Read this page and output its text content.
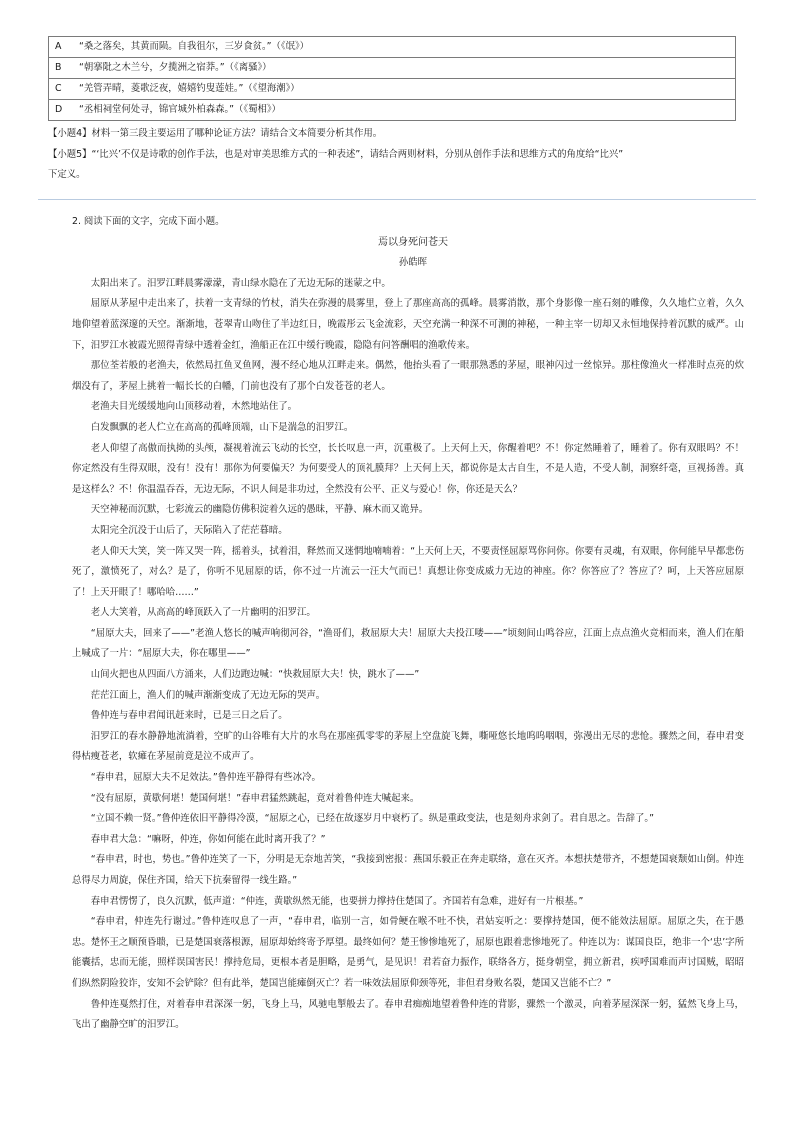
A “桑之落矣，其黄而陨。自我徂尔，三岁食贫。”（《氓》）
B “朝搴阰之木兰兮，夕揽洲之宿莽。”（《离骚》）
C “羌管弄晴，菱歌泛夜，嬉嬉钓叟莲娃。”（《望海潮》）
D “丞相祠堂何处寻，锦官城外柏森森。”（《蜀相》）

【小题4】材料一第三段主要运用了哪种论证方法？请结合文本简要分析其作用。

【小题5】“‘比兴’不仅是诗歌的创作手法，也是对审美思维方式的一种表述”，请结合两则材料，分别从创作手法和思维方式的角度给“比兴”

下定义。

2. 阅读下面的文字，完成下面小题。

焉以身死问苍天

孙皓晖

太阳出来了。汨罗江畔晨雾濛濛，青山绿水隐在了无边无际的迷蒙之中。

屈原从茅屋中走出来了，扶着一支青绿的竹杖，消失在弥漫的晨雾里，登上了那座高高的孤峰。晨雾消散，那个身影像一座石刻的雕像，久久地伫立着，久久地仰望着蓝深邃的天空。渐渐地，苍翠青山吻住了半边红日，晚霞彤云飞金流彩，天空充满一种深不可测的神秘，一种主宰一切却又永恒地保持着沉默的威严。山下，汨罗江水被霞光照得青绿中透着金红，渔船正在江中缓行晚霞，隐隐有问答酬唱的渔歌传来。

那位荃若般的老渔夫，依然局扛鱼叉鱼网，漫不经心地从江畔走来。偶然，他抬头看了一眼那熟悉的茅屋，眼神闪过一丝惊异。那柱像渔火一样准时点亮的炊烟没有了，茅屋上挑着一幅长长的白幡，门前也没有了那个白发苍苍的老人。

老渔夫目光缓缓地向山顶移动着，木然地站住了。

白发飘飘的老人伫立在高高的孤峰顶端，山下是湍急的汨罗江。

老人仰望了高傲而执拗的头颅，凝视着流云飞动的长空，长长叹息一声，沉重极了。上天何上天，你醒着吧？不！你定然睡着了，睡着了。你有双眼吗？不！你定然没有生得双眼，没有！没有！那你为何要偏天？为何要受人的顶礼膜拜？上天何上天，都说你是太古自生，不是人造，不受人制，洞察纤毫，亘视扬善。真是这样么？不！你温温吞吞，无边无际，不识人间是非功过，全然没有公平、正义与爱心！你，你还是天么？

天空神秘而沉默，七彩流云的幽隐仿佛积淀着久远的愚昧，平静、麻木而又诡异。

太阳完全沉没于山后了，天际陷入了茫茫暮暗。

老人仰天大笑，笑一阵又哭一阵，摇着头，拭着泪，释然而又迷惘地喃喃着：“上天何上天，不要责怪屈原骂你问你。你要有灵魂，有双眼，你何能早早都悲伤死了，激愤死了，对么？是了，你听不见屈原的话，你不过一片流云一汪大气而已！真想让你变成威力无边的神座。你？你答应了？答应了？呵，上天答应屈原了！上天开眼了！哪哈哈……”

老人大笑着，从高高的峰顶跃入了一片幽明的汨罗江。

“屈原大夫，回来了——”老渔人悠长的喊声响彻河谷，“渔哥们，救屈原大夫！屈原大夫投江喽——”顷刻间山鸣谷应，江面上点点渔火竞相而来，渔人们在船上喊成了一片：“屈原大夫，你在哪里——”

山间火把也从四面八方涌来，人们边跑边喊：“快救屈原大夫！快，跳水了——”

茫茫江面上，渔人们的喊声渐渐变成了无边无际的哭声。

鲁仲连与春申君闻讯赶来时，已是三日之后了。

汨罗江的春水静静地流淌着，空旷的山谷唯有大片的水鸟在那座孤零零的茅屋上空盘旋飞舞，嘶哑悠长地呜呜咽咽，弥漫出无尽的悲怆。骤然之间，春申君变得枯瘦苍老，软瘫在茅屋前竟是泣不成声了。

“春申君，屈原大夫不足效法。”鲁仲连平静得有些冰冷。

“没有屈原，黄歇何堪！楚国何堪！”春申君猛然跳起，竟对着鲁仲连大喊起来。

“立国不赖一贤。”鲁仲连依旧平静得冷漠，“屈原之心，已经在故逐岁月中衰朽了。纵是重政变法，也是刻舟求剑了。君自思之。告辞了。”

春申君大急：“嘛呀，仲连，你如何能在此时离开我了？”

“春申君，时也，势也。”鲁仲连笑了一下，分明是无奈地苦笑，“我接到密报：燕国乐毅正在奔走联络，意在灭齐。本想扶楚带齐，不想楚国衰颓如山倒。仲连总得尽力周旋，保住齐国，给天下抗秦留得一线生路。”

春申君愣愣了，良久沉默，低声道：“仲连，黄歇纵然无能，也要拼力撑持住楚国了。齐国若有急难，进好有一片根基。”

“春申君，仲连先行谢过。”鲁仲连叹息了一声，“春申君，临别一言，如骨鲠在喉不吐不快，君姑妄听之：要撑持楚国，便不能效法屈原。屈原之失，在于愚忠。楚怀王之顺预昏聩，已是楚国衰落根源，屈原却始终寄予厚望。最终如何？楚王惨惨地死了，屈原也跟着悲惨地死了。仲连以为：谋国良臣，绝非一个‘忠’字所能囊括，忠而无能，照样误国害民！撑持危局，更根本者是胆略，是勇气，是见识！君若奋力振作，联络各方，挺身朝堂，拥立新君，疾呼国难而声讨国贼，昭昭们纵然阴险狡诈，安知不会铲除？但有此举，楚国岂能瘫倒灭亡？若一味效法屈原仰颈等死，非但君身败名裂，楚国又岂能不亡？”

鲁仲连戛然打住，对着春申君深深一躬，飞身上马，风驰电掣般去了。春申君痴痴地望着鲁仲连的背影，骤然一个激灵，向着茅屋深深一躬，猛然飞身上马，飞出了幽静空旷的汨罗江。
